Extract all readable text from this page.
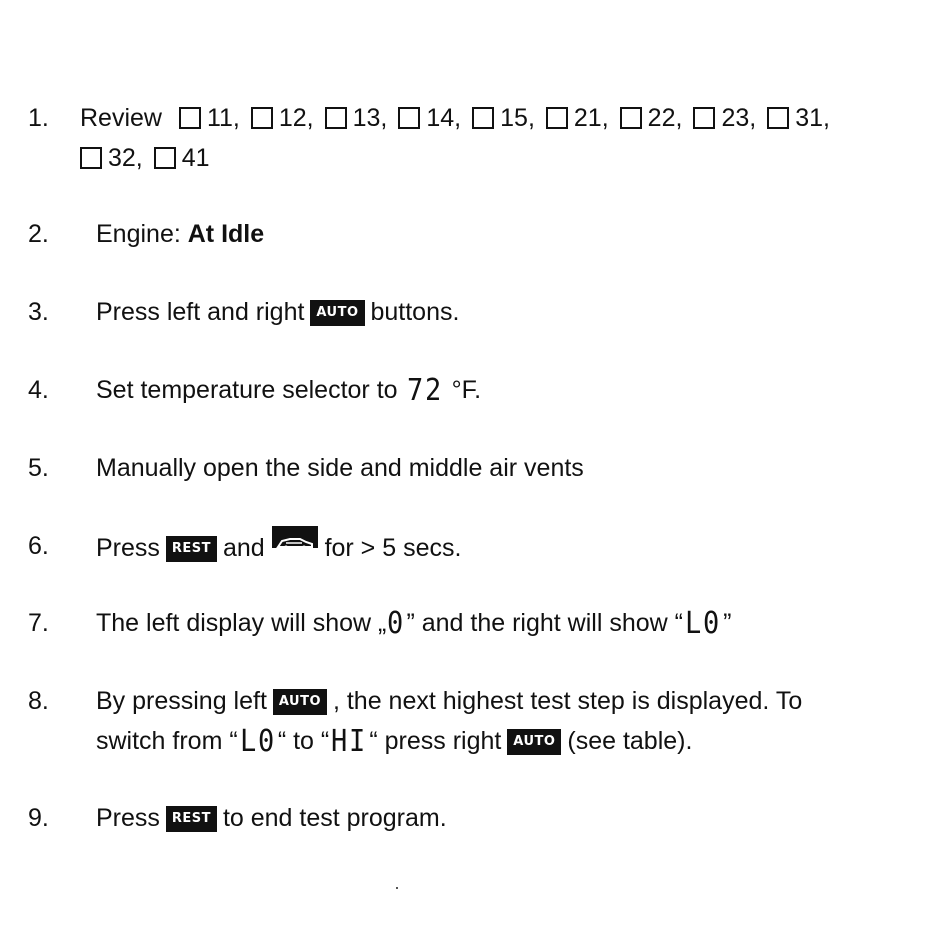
1. Review 11, 12, 13, 14, 15, 21, 22, 23, 31,
32, 41
2. Engine: At Idle
3. Press left and right AUTO buttons.
4. Set temperature selector to 72 °F.
5. Manually open the side and middle air vents
6. Press REST and for > 5 secs.
7. The left display will show „0” and the right will show “L0”
8. By pressing left AUTO , the next highest test step is displayed. To
switch from “L0“ to “HI“ press right AUTO (see table).
9. Press REST to end test program.
